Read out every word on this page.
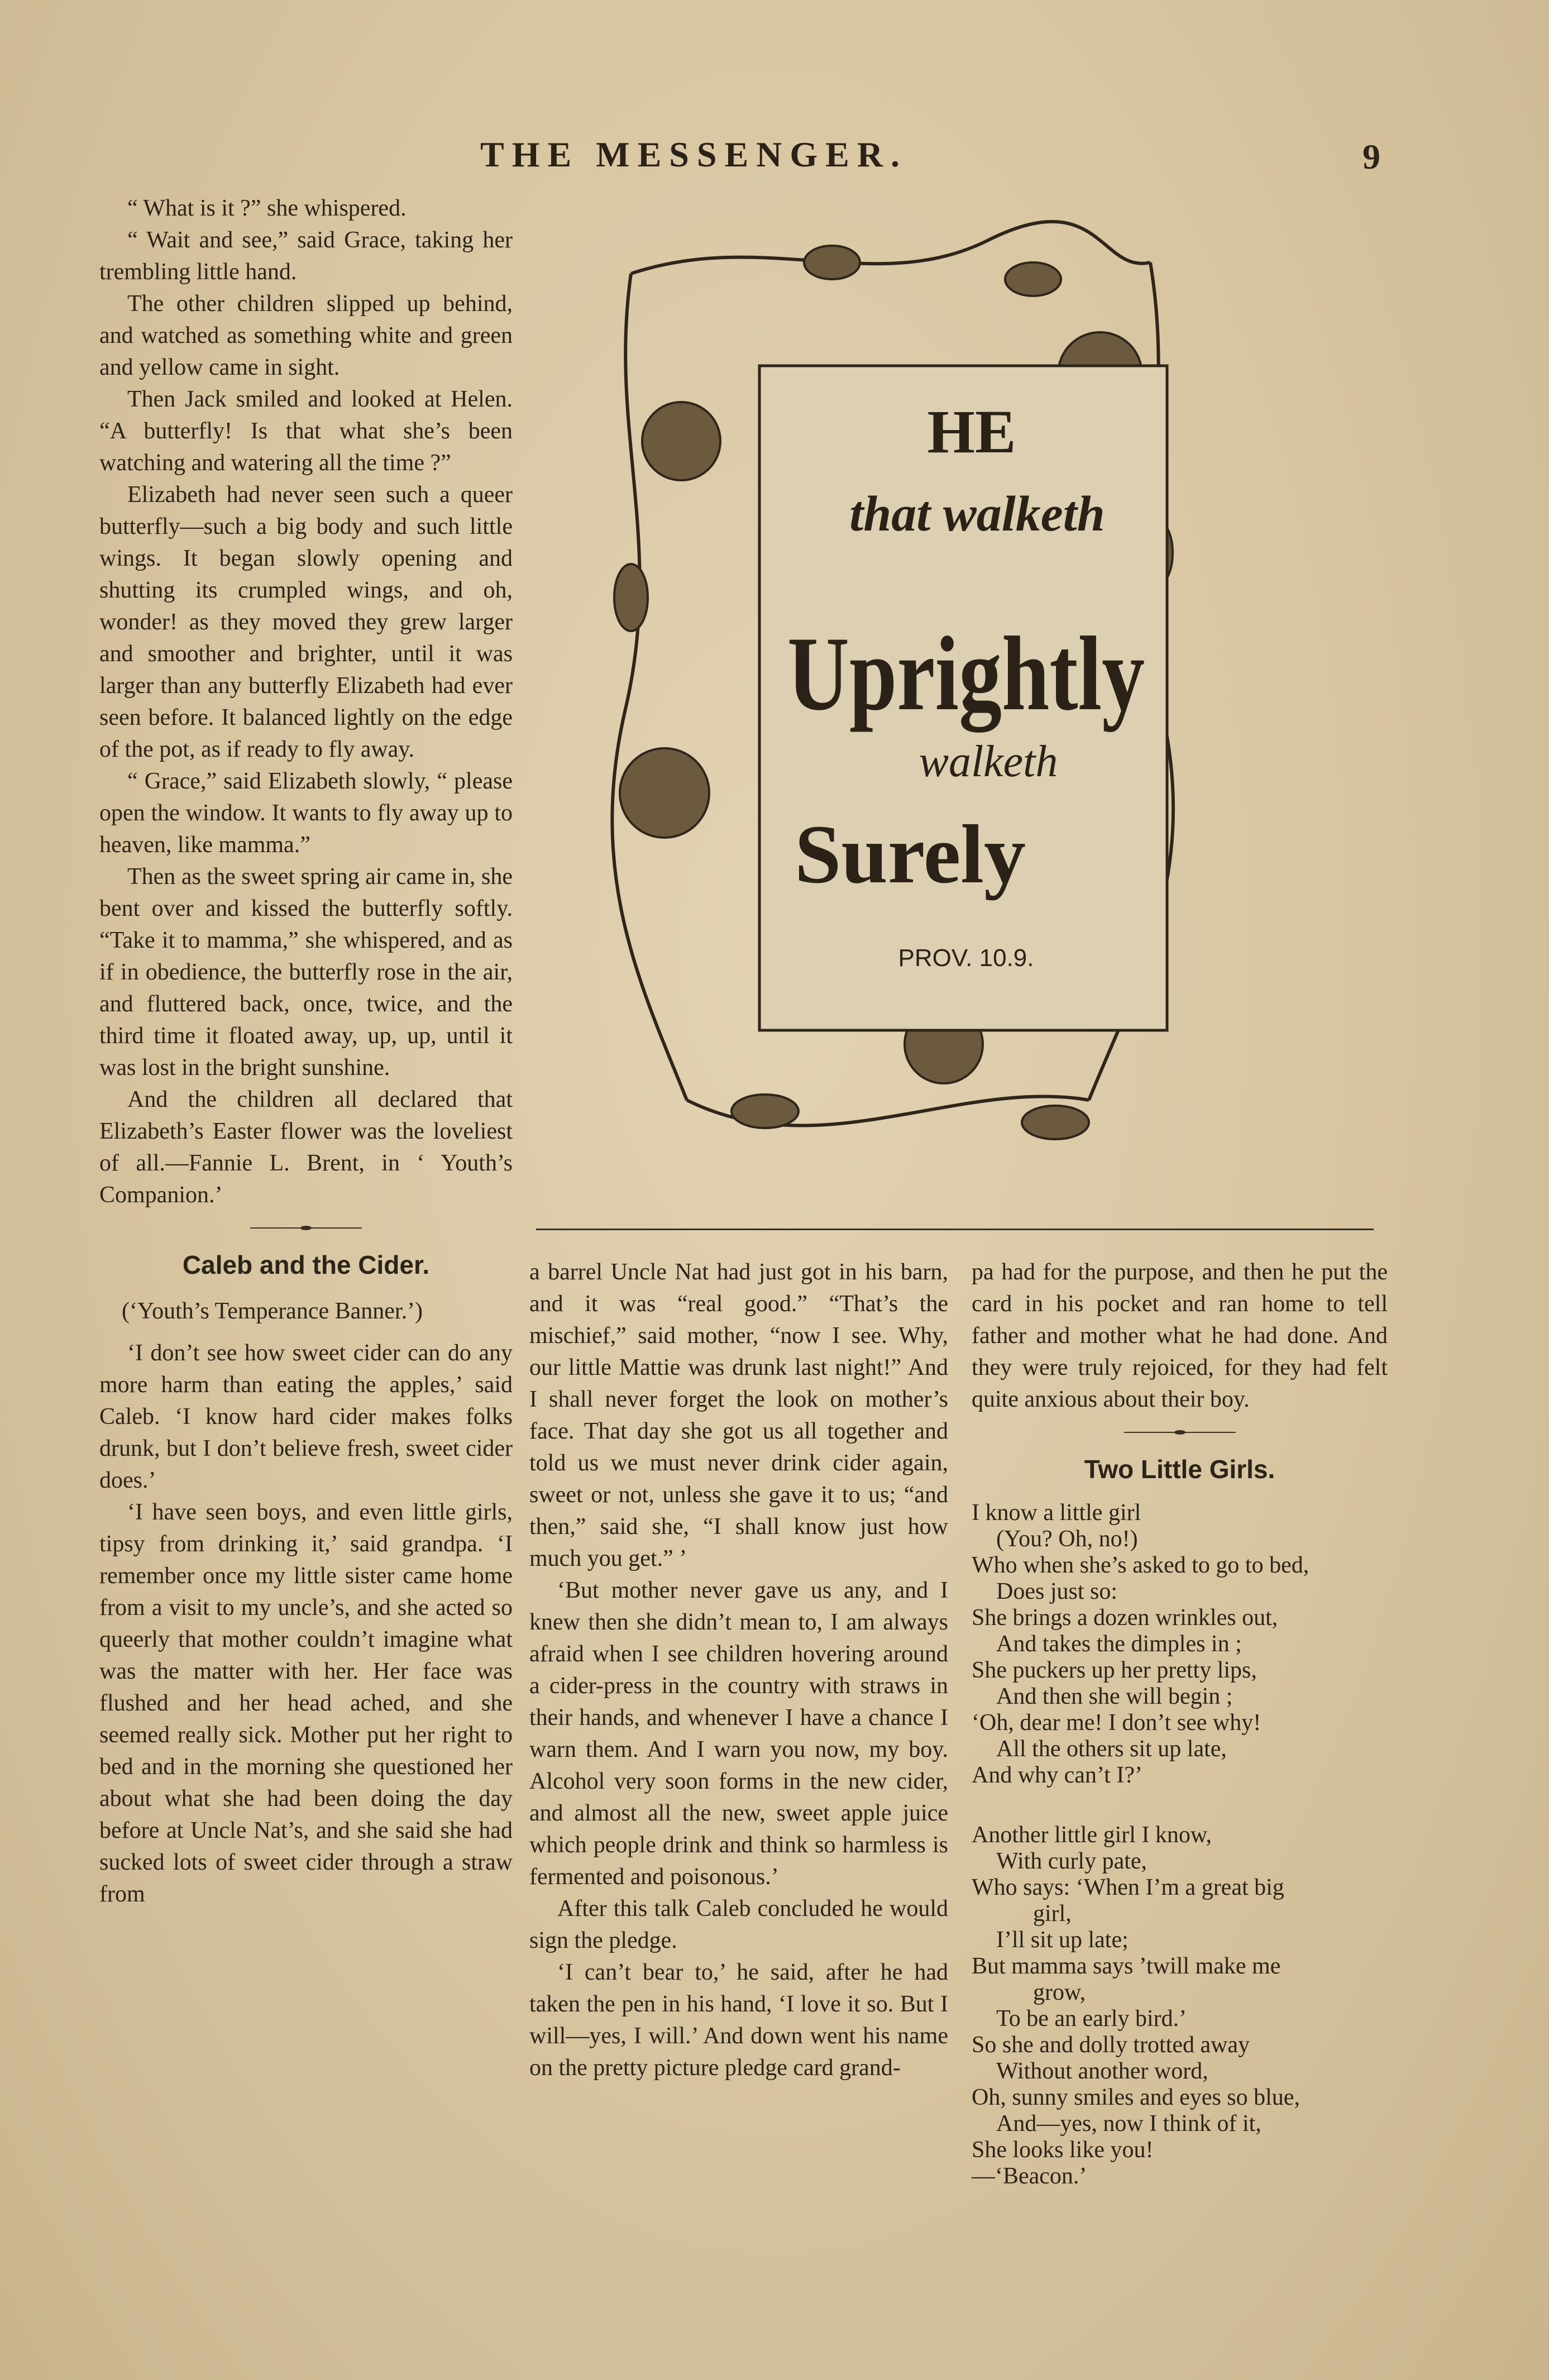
THE MESSENGER.	9

“ What is it ?” she whispered.

“ Wait and see,” said Grace, taking her trembling little hand.

The other children slipped up behind, and watched as something white and green and yellow came in sight.

Then Jack smiled and looked at Helen. “A butterfly! Is that what she’s been watching and watering all the time ?”

Elizabeth had never seen such a queer butterfly—such a big body and such little wings. It began slowly opening and shutting its crumpled wings, and oh, wonder! as they moved they grew larger and smoother and brighter, until it was larger than any butterfly Elizabeth had ever seen before. It balanced lightly on the edge of the pot, as if ready to fly away.

“ Grace,” said Elizabeth slowly, “ please open the window. It wants to fly away up to heaven, like mamma.”

Then as the sweet spring air came in, she bent over and kissed the butterfly softly. “Take it to mamma,” she whispered, and as if in obedience, the butterfly rose in the air, and fluttered back, once, twice, and the third time it floated away, up, up, until it was lost in the bright sunshine.

And the children all declared that Elizabeth’s Easter flower was the loveliest of all.—Fannie L. Brent, in ‘ Youth’s Companion.’

Caleb and the Cider.

(‘Youth’s Temperance Banner.’)

‘I don’t see how sweet cider can do any more harm than eating the apples,’ said Caleb. ‘I know hard cider makes folks drunk, but I don’t believe fresh, sweet cider does.’

‘I have seen boys, and even little girls, tipsy from drinking it,’ said grandpa. ‘I remember once my little sister came home from a visit to my uncle’s, and she acted so queerly that mother couldn’t imagine what was the matter with her. Her face was flushed and her head ached, and she seemed really sick. Mother put her right to bed and in the morning she questioned her about what she had been doing the day before at Uncle Nat’s, and she said she had sucked lots of sweet cider through a straw from

HE
that walketh
Uprightly
walketh
Surely
PROV. 10.9.

a barrel Uncle Nat had just got in his barn, and it was “real good.” “That’s the mischief,” said mother, “now I see. Why, our little Mattie was drunk last night!” And I shall never forget the look on mother’s face. That day she got us all together and told us we must never drink cider again, sweet or not, unless she gave it to us; “and then,” said she, “I shall know just how much you get.” ’

‘But mother never gave us any, and I knew then she didn’t mean to, I am always afraid when I see children hovering around a cider-press in the country with straws in their hands, and whenever I have a chance I warn them. And I warn you now, my boy. Alcohol very soon forms in the new cider, and almost all the new, sweet apple juice which people drink and think so harmless is fermented and poisonous.’

After this talk Caleb concluded he would sign the pledge.

‘I can’t bear to,’ he said, after he had taken the pen in his hand, ‘I love it so. But I will—yes, I will.’ And down went his name on the pretty picture pledge card grand-

pa had for the purpose, and then he put the card in his pocket and ran home to tell father and mother what he had done. And they were truly rejoiced, for they had felt quite anxious about their boy.

Two Little Girls.

I know a little girl
(You? Oh, no!)
Who when she’s asked to go to bed,
Does just so:
She brings a dozen wrinkles out,
And takes the dimples in ;
She puckers up her pretty lips,
And then she will begin ;
‘Oh, dear me! I don’t see why!
All the others sit up late,
And why can’t I?’
Another little girl I know,
With curly pate,
Who says: ‘When I’m a great big
girl,
I’ll sit up late;
But mamma says ’twill make me
grow,
To be an early bird.’
So she and dolly trotted away
Without another word,
Oh, sunny smiles and eyes so blue,
And—yes, now I think of it,
She looks like you!
—‘Beacon.’
